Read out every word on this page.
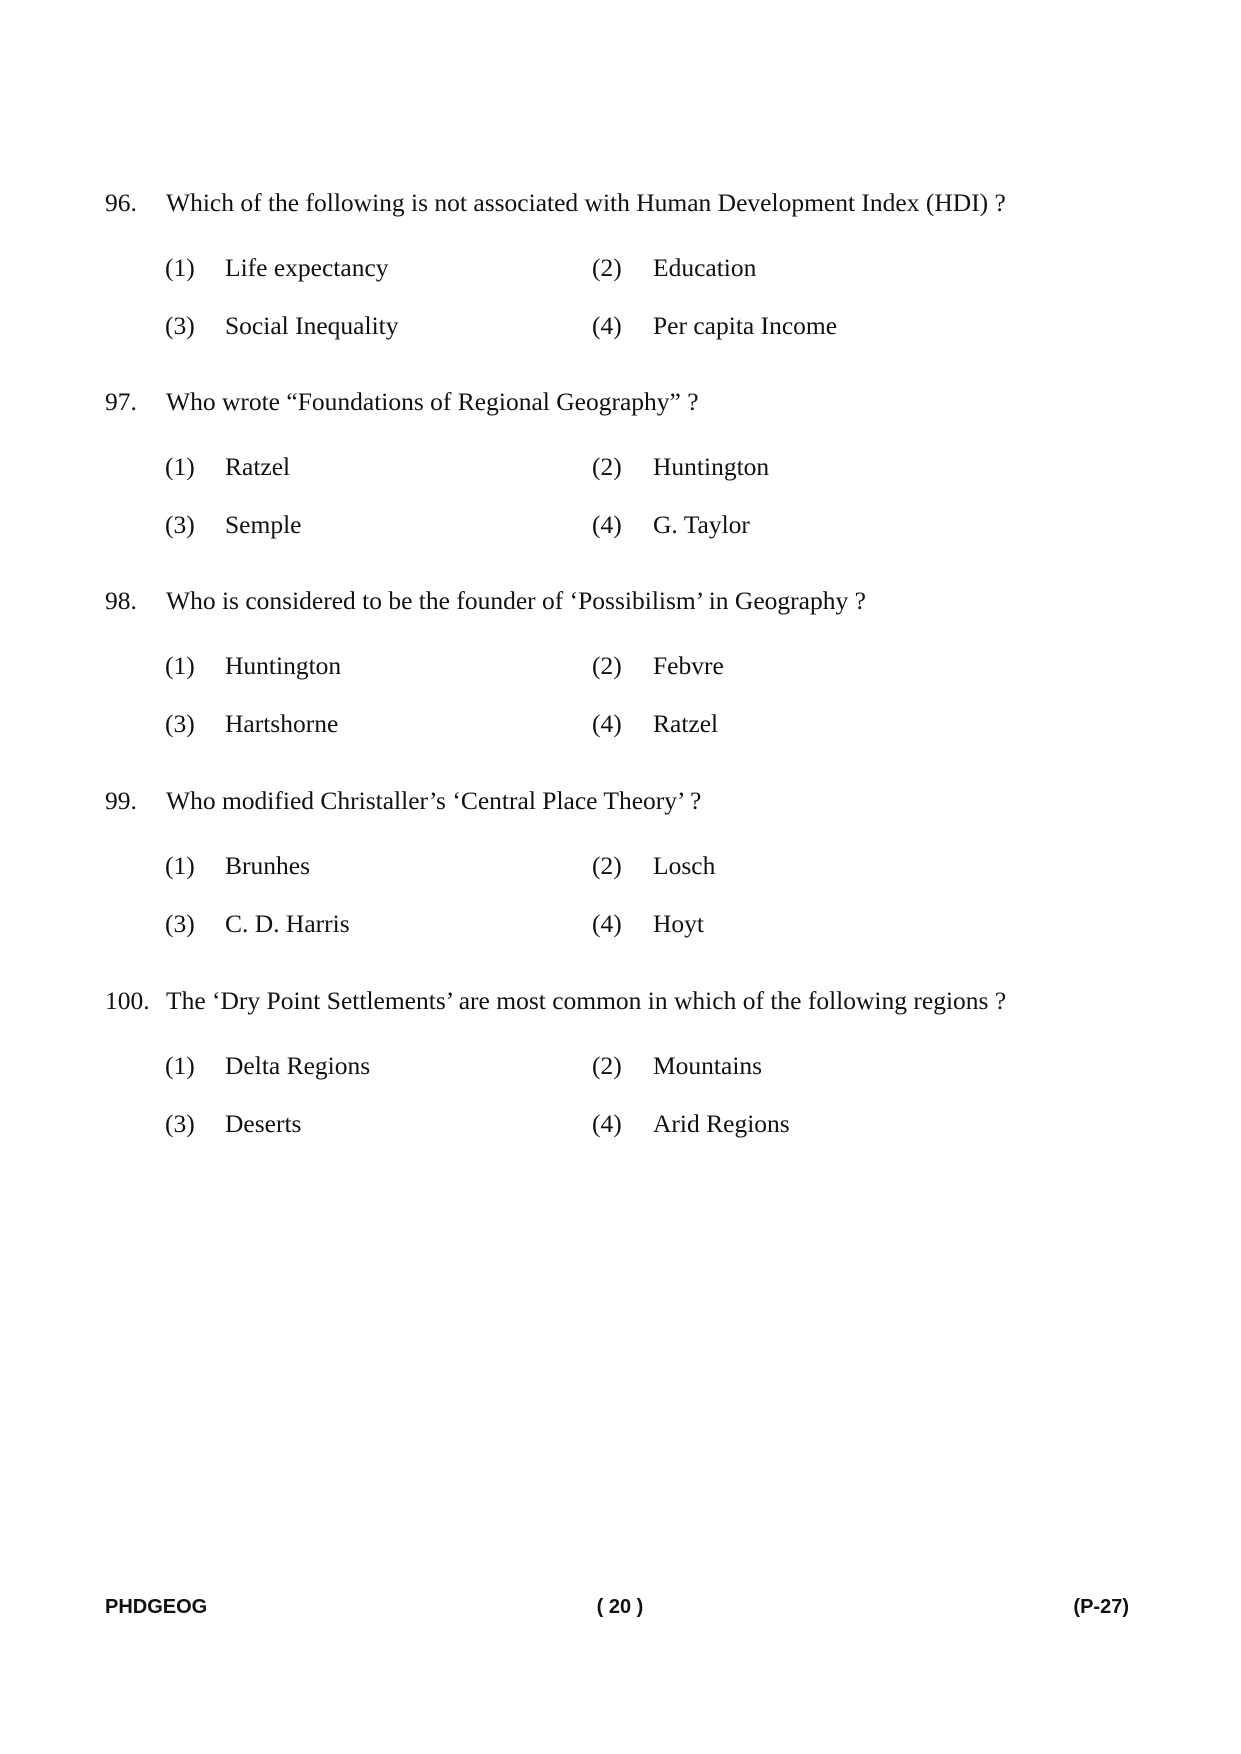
96. Which of the following is not associated with Human Development Index (HDI) ?
(1) Life expectancy	(2) Education
(3) Social Inequality	(4) Per capita Income
97. Who wrote “Foundations of Regional Geography” ?
(1) Ratzel	(2) Huntington
(3) Semple	(4) G. Taylor
98. Who is considered to be the founder of ‘Possibilism’ in Geography ?
(1) Huntington	(2) Febvre
(3) Hartshorne	(4) Ratzel
99. Who modified Christaller’s ‘Central Place Theory’ ?
(1) Brunhes	(2) Losch
(3) C. D. Harris	(4) Hoyt
100. The ‘Dry Point Settlements’ are most common in which of the following regions ?
(1) Delta Regions	(2) Mountains
(3) Deserts	(4) Arid Regions
PHDGEOG	( 20 )	(P-27)
